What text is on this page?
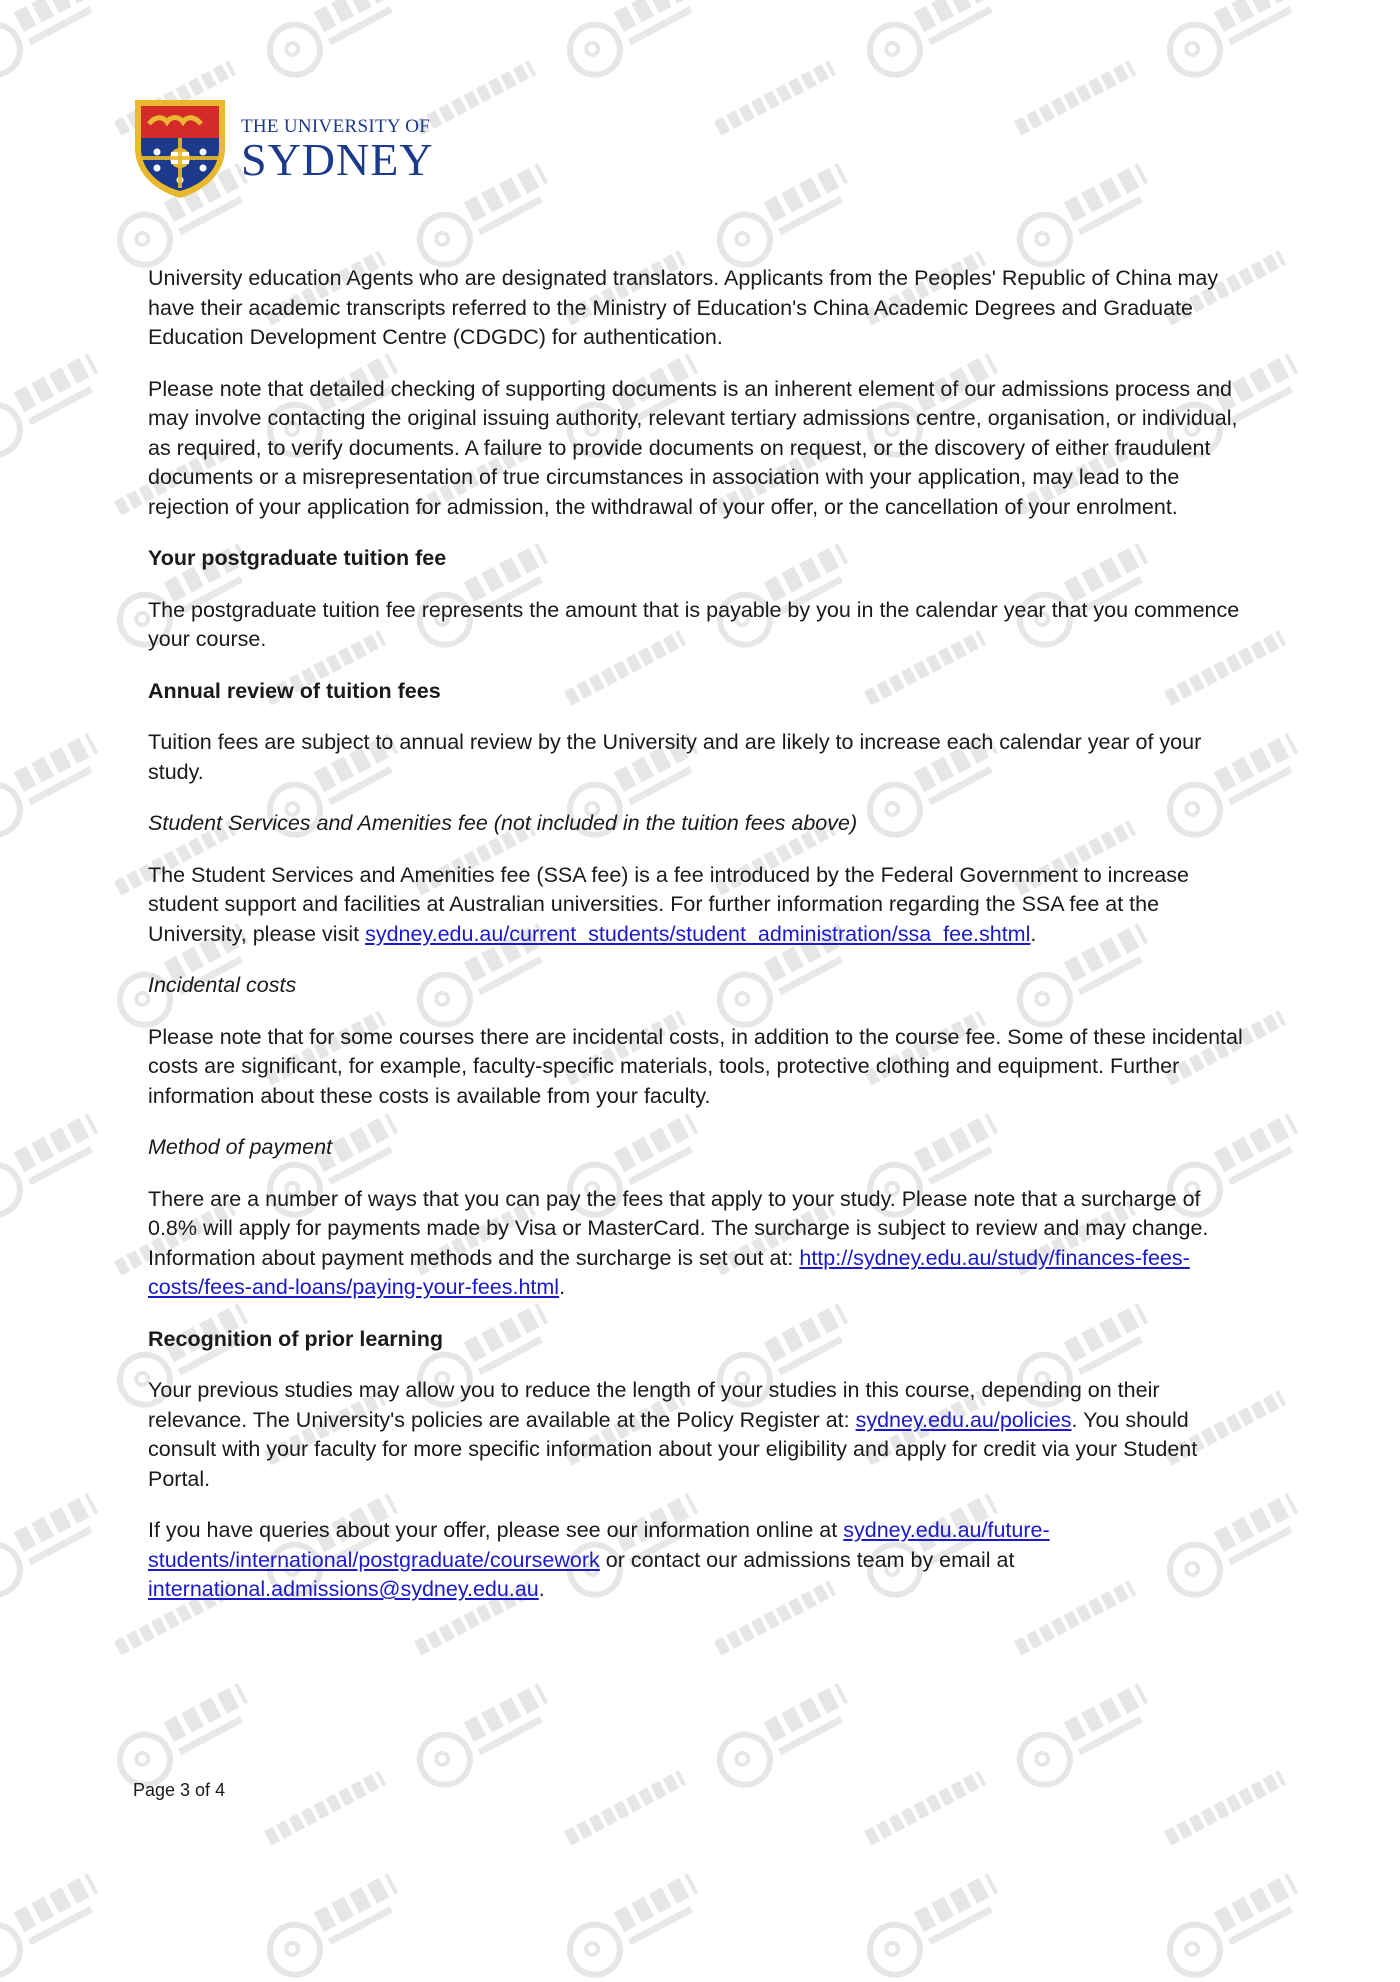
THE UNIVERSITY OF
SYDNEY

University education Agents who are designated translators. Applicants from the Peoples' Republic of China may have their academic transcripts referred to the Ministry of Education's China Academic Degrees and Graduate Education Development Centre (CDGDC) for authentication.

Please note that detailed checking of supporting documents is an inherent element of our admissions process and may involve contacting the original issuing authority, relevant tertiary admissions centre, organisation, or individual, as required, to verify documents. A failure to provide documents on request, or the discovery of either fraudulent documents or a misrepresentation of true circumstances in association with your application, may lead to the rejection of your application for admission, the withdrawal of your offer, or the cancellation of your enrolment.

Your postgraduate tuition fee

The postgraduate tuition fee represents the amount that is payable by you in the calendar year that you commence your course.

Annual review of tuition fees

Tuition fees are subject to annual review by the University and are likely to increase each calendar year of your study.

Student Services and Amenities fee (not included in the tuition fees above)

The Student Services and Amenities fee (SSA fee) is a fee introduced by the Federal Government to increase student support and facilities at Australian universities. For further information regarding the SSA fee at the University, please visit sydney.edu.au/current_students/student_administration/ssa_fee.shtml.

Incidental costs

Please note that for some courses there are incidental costs, in addition to the course fee. Some of these incidental costs are significant, for example, faculty-specific materials, tools, protective clothing and equipment. Further information about these costs is available from your faculty.

Method of payment

There are a number of ways that you can pay the fees that apply to your study. Please note that a surcharge of 0.8% will apply for payments made by Visa or MasterCard. The surcharge is subject to review and may change. Information about payment methods and the surcharge is set out at: http://sydney.edu.au/study/finances-fees-costs/fees-and-loans/paying-your-fees.html.

Recognition of prior learning

Your previous studies may allow you to reduce the length of your studies in this course, depending on their relevance. The University's policies are available at the Policy Register at: sydney.edu.au/policies. You should consult with your faculty for more specific information about your eligibility and apply for credit via your Student Portal.

If you have queries about your offer, please see our information online at sydney.edu.au/future-students/international/postgraduate/coursework or contact our admissions team by email at international.admissions@sydney.edu.au.

Page 3 of 4
